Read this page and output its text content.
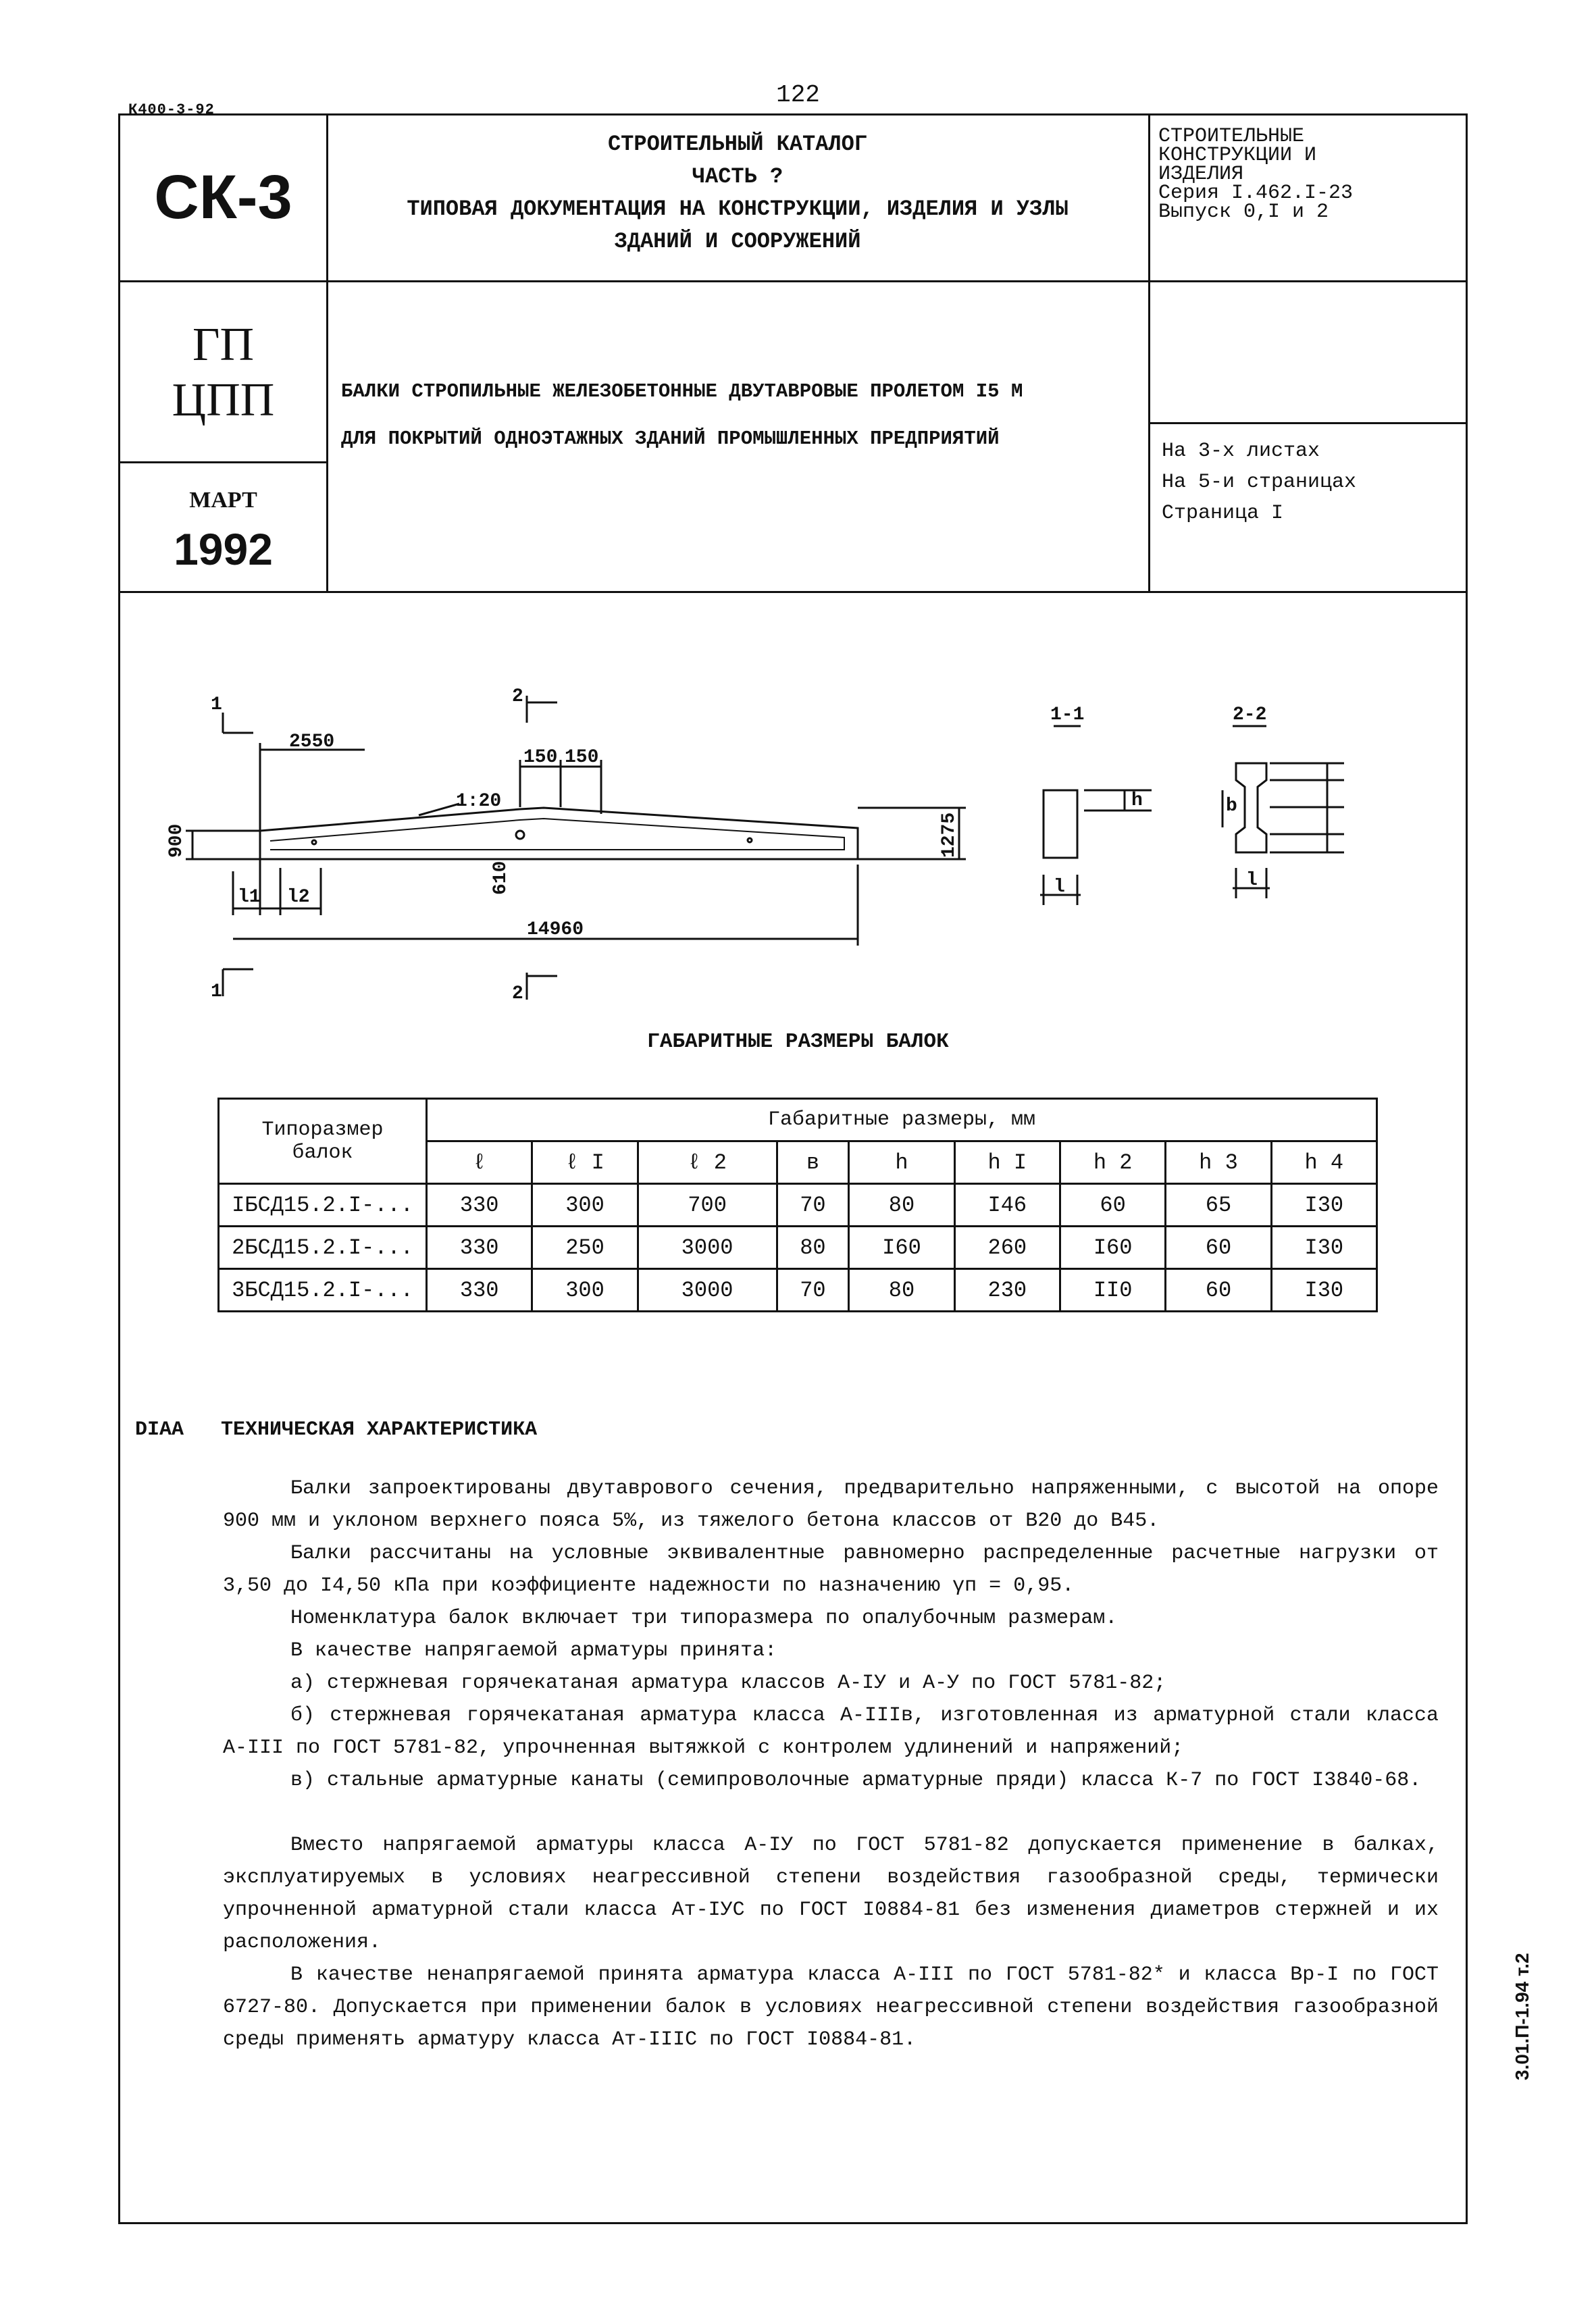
122
К400-3-92
СК-3
ГП
ЦПП
МАРТ
1992
СТРОИТЕЛЬНЫЙ КАТАЛОГ
ЧАСТЬ ?
ТИПОВАЯ ДОКУМЕНТАЦИЯ НА КОНСТРУКЦИИ, ИЗДЕЛИЯ И УЗЛЫ
ЗДАНИЙ И СООРУЖЕНИЙ
СТРОИТЕЛЬНЫЕ
КОНСТРУКЦИИ И
ИЗДЕЛИЯ
Серия I.462.I-23
Выпуск 0,I и 2
БАЛКИ СТРОПИЛЬНЫЕ ЖЕЛЕЗОБЕТОННЫЕ ДВУТАВРОВЫЕ ПРОЛЕТОМ I5 М
ДЛЯ ПОКРЫТИЙ ОДНОЭТАЖНЫХ ЗДАНИЙ ПРОМЫШЛЕННЫХ ПРЕДПРИЯТИЙ
На 3-х листах
На 5-и страницах
Страница I
1
1
2
2
2550
150 150
1:20
900
610
1275
l1 l2
14960
1-1	2-2
l	l
h	b
ГАБАРИТНЫЕ РАЗМЕРЫ БАЛОК
Типоразмер
балок	Габаритные размеры, мм								
	ℓ	ℓ I	ℓ 2	в	h	h I	h 2	h 3	h 4
IБСД15.2.I-...	330	300	700	70	80	I46	60	65	I30
2БСД15.2.I-...	330	250	3000	80	I60	260	I60	60	I30
3БСД15.2.I-...	330	300	3000	70	80	230	II0	60	I30
DIAA ТЕХНИЧЕСКАЯ ХАРАКТЕРИСТИКА
Балки запроектированы двутаврового сечения, предварительно напряженными, с высотой на опоре 900 мм и уклоном верхнего пояса 5%, из тяжелого бетона классов от В20 до В45.
Балки рассчитаны на условные эквивалентные равномерно распределенные расчетные нагрузки от 3,50 до I4,50 кПа при коэффициенте надежности по назначению γп = 0,95.
Номенклатура балок включает три типоразмера по опалубочным размерам.
В качестве напрягаемой арматуры принята:
а) стержневая горячекатаная арматура классов А-IУ и А-У по ГОСТ 5781-82;
б) стержневая горячекатаная арматура класса А-IIIв, изготовленная из арматурной стали класса А-III по ГОСТ 5781-82, упрочненная вытяжкой с контролем удлинений и напряжений;
в) стальные арматурные канаты (семипроволочные арматурные пряди) класса К-7 по ГОСТ I3840-68.
Вместо напрягаемой арматуры класса А-IУ по ГОСТ 5781-82 допускается применение в балках, эксплуатируемых в условиях неагрессивной степени воздействия газообразной среды, термически упрочненной арматурной стали класса Ат-IУС по ГОСТ I0884-81 без изменения диаметров стержней и их расположения.
В качестве ненапрягаемой принята арматура класса А-III по ГОСТ 5781-82* и класса Вр-I по ГОСТ 6727-80. Допускается при применении балок в условиях неагрессивной степени воздействия газообразной среды применять арматуру класса Ат-IIIС по ГОСТ I0884-81.	3.01.П-1.94 т.2
